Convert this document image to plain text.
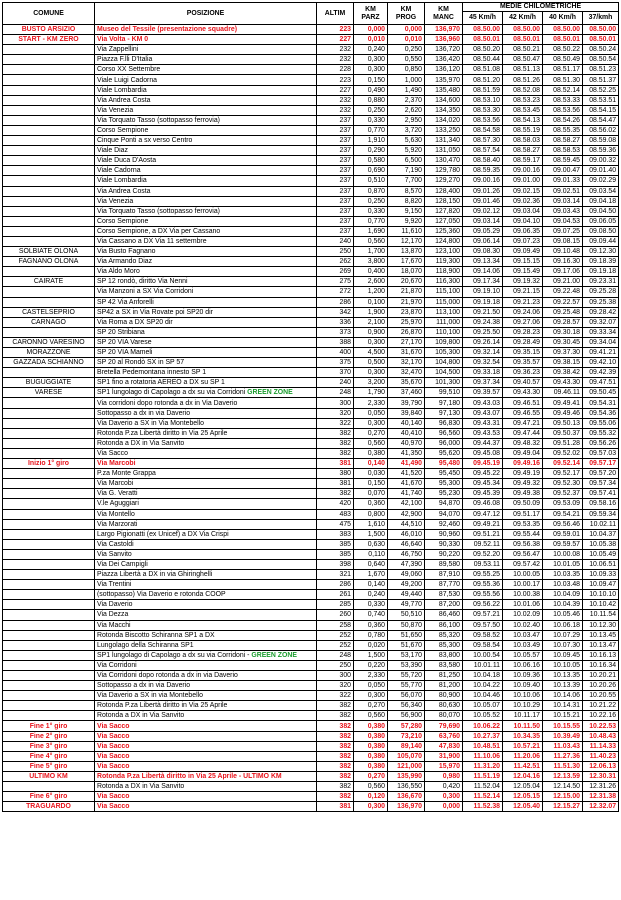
COMUNE	POSIZIONE	ALTIM	KM PARZ	KM PROG	KM MANC	MEDIE CHILOMETRICHE			
						45 Km/h	42 Km/h	40 Km/h	37/kmh
BUSTO ARSIZIO	Museo del Tessile (presentazione squadre)	223	0,000	0,000	136,970	08.50.00	08.50.00	08.50.00	08.50.00
START - KM ZERO	Via Volta - KM 0	227	0,010	0,010	136,960	08.50.01	08.50.01	08.50.01	08.50.01
	Via Zappellini	232	0,240	0,250	136,720	08.50.20	08.50.21	08.50.22	08.50.24
	Piazza F.lli D'Italia	232	0,300	0,550	136,420	08.50.44	08.50.47	08.50.49	08.50.54
	Corso XX Settembre	228	0,300	0,850	136,120	08.51.08	08.51.13	08.51.17	08.51.23
	Viale Luigi Cadorna	223	0,150	1,000	135,970	08.51.20	08.51.26	08.51.30	08.51.37
	Viale Lombardia	227	0,490	1,490	135,480	08.51.59	08.52.08	08.52.14	08.52.25
	Via Andrea Costa	232	0,880	2,370	134,600	08.53.10	08.53.23	08.53.33	08.53.51
	Via Venezia	232	0,250	2,620	134,350	08.53.30	08.53.45	08.53.56	08.54.15
	Via Torquato Tasso (sottopasso ferrovia)	237	0,330	2,950	134,020	08.53.56	08.54.13	08.54.26	08.54.47
	Corso Sempione	237	0,770	3,720	133,250	08.54.58	08.55.19	08.55.35	08.56.02
	Cinque Ponti a sx verso Centro	237	1,910	5,630	131,340	08.57.30	08.58.03	08.58.27	08.59.08
	Viale Diaz	237	0,290	5,920	131,050	08.57.54	08.58.27	08.58.53	08.59.36
	Viale Duca D'Aosta	237	0,580	6,500	130,470	08.58.40	08.59.17	08.59.45	09.00.32
	Viale Cadorna	237	0,690	7,190	129,780	08.59.35	09.00.16	09.00.47	09.01.40
	Viale Lombardia	237	0,510	7,700	129,270	09.00.16	09.01.00	09.01.33	09.02.29
	Via Andrea Costa	237	0,870	8,570	128,400	09.01.26	09.02.15	09.02.51	09.03.54
	Via Venezia	237	0,250	8,820	128,150	09.01.46	09.02.36	09.03.14	09.04.18
	Via Torquato Tasso (sottopasso ferrovia)	237	0,330	9,150	127,820	09.02.12	09.03.04	09.03.43	09.04.50
	Corso Sempione	237	0,770	9,920	127,050	09.03.14	09.04.10	09.04.53	09.06.05
	Corso Sempione, a DX Via per Cassano	237	1,690	11,610	125,360	09.05.29	09.06.35	09.07.25	09.08.50
	Via Cassano a DX Via 11 settembre	240	0,560	12,170	124,800	09.06.14	09.07.23	09.08.15	09.09.44
SOLBIATE OLONA	Via Busto Fagnano	250	1,700	13,870	123,100	09.08.30	09.09.49	09.10.48	09.12.30
FAGNANO OLONA	Via Armando Diaz	262	3,800	17,670	119,300	09.13.34	09.15.15	09.16.30	09.18.39
	Via Aldo Moro	269	0,400	18,070	118,900	09.14.06	09.15.49	09.17.06	09.19.18
CAIRATE	SP 12 rondò, diritto Via Nenni	275	2,600	20,670	116,300	09.17.34	09.19.32	09.21.00	09.23.31
	Via Manzoni a SX Via Corridoni	272	1,200	21,870	115,100	09.19.10	09.21.15	09.22.48	09.25.28
	SP 42 Via Anforelli	286	0,100	21,970	115,000	09.19.18	09.21.23	09.22.57	09.25.38
CASTELSEPRIO	SP42 a SX in Via Rovate poi SP20 dir	342	1,900	23,870	113,100	09.21.50	09.24.06	09.25.48	09.28.42
CARNAGO	Via Roma a DX SP20 dir	336	2,100	25,970	111,000	09.24.38	09.27.06	09.28.57	09.32.07
	SP 20 Stribiana	373	0,900	26,870	110,100	09.25.50	09.28.23	09.30.18	09.33.34
CARONNO VARESINO	SP 20 VIA Varese	388	0,300	27,170	109,800	09.26.14	09.28.49	09.30.45	09.34.04
MORAZZONE	SP 20 VIA Mameli	400	4,500	31,670	105,300	09.32.14	09.35.15	09.37.30	09.41.21
GAZZADA SCHIANNO	SP 20 al Rondò SX in SP 57	375	0,500	32,170	104,800	09.32.54	09.35.57	09.38.15	09.42.10
	Bretella Pedemontana innesto SP 1	370	0,300	32,470	104,500	09.33.18	09.36.23	09.38.42	09.42.39
BUGUGGIATE	SP1 fino a rotatoria AEREO a DX su SP 1	240	3,200	35,670	101,300	09.37.34	09.40.57	09.43.30	09.47.51
VARESE	SP1 lungolago di Capolago a dx su via Corridoni GREEN ZONE	248	1,790	37,460	99,510	09.39.57	09.43.30	09.46.11	09.50.45
	Via corridoni dopo rotonda a dx in Via Daverio	300	2,330	39,790	97,180	09.43.03	09.46.51	09.49.41	09.54.31
	Sottopasso a dx in via Daverio	320	0,050	39,840	97,130	09.43.07	09.46.55	09.49.46	09.54.36
	Via Daverio a SX in Via Montebello	322	0,300	40,140	96,830	09.43.31	09.47.21	09.50.13	09.55.06
	Rotonda P.za Libertà diritto in Via 25 Aprile	382	0,270	40,410	96,560	09.43.53	09.47.44	09.50.37	09.55.32
	Rotonda a DX in Via Sanvito	382	0,560	40,970	96,000	09.44.37	09.48.32	09.51.28	09.56.26
	Via Sacco	382	0,380	41,350	95,620	09.45.08	09.49.04	09.52.02	09.57.03
Inizio 1° giro	Via Marcobi	381	0,140	41,490	95,480	09.45.19	09.49.16	09.52.14	09.57.17
	P.za Monte Grappa	380	0,030	41,520	95,450	09.45.22	09.49.19	09.52.17	09.57.20
	Via Marcobi	381	0,150	41,670	95,300	09.45.34	09.49.32	09.52.30	09.57.34
	Via G. Veratti	382	0,070	41,740	95,230	09.45.39	09.49.38	09.52.37	09.57.41
	V.le Aguggiari	420	0,360	42,100	94,870	09.46.08	09.50.09	09.53.09	09.58.16
	Via Montello	483	0,800	42,900	94,070	09.47.12	09.51.17	09.54.21	09.59.34
	Via Marzorati	475	1,610	44,510	92,460	09.49.21	09.53.35	09.56.46	10.02.11
	Largo Pigionatti (ex Unicef) a DX Via Crispi	383	1,500	46,010	90,960	09.51.21	09.55.44	09.59.01	10.04.37
	Via Castoldi	385	0,630	46,640	90,330	09.52.11	09.56.38	09.59.57	10.05.38
	Via Sanvito	385	0,110	46,750	90,220	09.52.20	09.56.47	10.00.08	10.05.49
	Via Dei Campigli	398	0,640	47,390	89,580	09.53.11	09.57.42	10.01.05	10.06.51
	Piazza Libertà a DX in via Ghiringhelli	321	1,670	49,060	87,910	09.55.25	10.00.05	10.03.35	10.09.33
	Via Trentini	286	0,140	49,200	87,770	09.55.36	10.00.17	10.03.48	10.09.47
	(sottopasso) Via Daverio e rotonda COOP	261	0,240	49,440	87,530	09.55.56	10.00.38	10.04.09	10.10.10
	Via Daverio	285	0,330	49,770	87,200	09.56.22	10.01.06	10.04.39	10.10.42
	Via Dezza	260	0,740	50,510	86,460	09.57.21	10.02.09	10.05.46	10.11.54
	Via Macchi	258	0,360	50,870	86,100	09.57.50	10.02.40	10.06.18	10.12.30
	Rotonda Biscotto Schiranna SP1 a DX	252	0,780	51,650	85,320	09.58.52	10.03.47	10.07.29	10.13.45
	Lungolago della Schiranna SP1	252	0,020	51,670	85,300	09.58.54	10.03.49	10.07.30	10.13.47
	SP1 lungolago di Capolago a dx su via Corridoni - GREEN ZONE	248	1,500	53,170	83,800	10.00.54	10.05.57	10.09.45	10.16.13
	Via Corridoni	250	0,220	53,390	83,580	10.01.11	10.06.16	10.10.05	10.16.34
	Via Corridoni dopo rotonda a dx in via Daverio	300	2,330	55,720	81,250	10.04.18	10.09.36	10.13.35	10.20.21
	Sottopasso a dx in via Daverio	320	0,050	55,770	81,200	10.04.22	10.09.40	10.13.39	10.20.26
	Via Daverio a SX in via Montebello	322	0,300	56,070	80,900	10.04.46	10.10.06	10.14.06	10.20.55
	Rotonda P.za Libertà diritto in Via 25 Aprile	382	0,270	56,340	80,630	10.05.07	10.10.29	10.14.31	10.21.22
	Rotonda a DX in Via Sanvito	382	0,560	56,900	80,070	10.05.52	10.11.17	10.15.21	10.22.16
Fine 1° giro	Via Sacco	382	0,380	57,280	79,690	10.06.22	10.11.50	10.15.55	10.22.53
Fine 2° giro	Via Sacco	382	0,380	73,210	63,760	10.27.37	10.34.35	10.39.49	10.48.43
Fine 3° giro	Via Sacco	382	0,380	89,140	47,830	10.48.51	10.57.21	11.03.43	11.14.33
Fine 4° giro	Via Sacco	382	0,380	105,070	31,900	11.10.06	11.20.06	11.27.36	11.40.23
Fine 5° giro	Via Sacco	382	0,380	121,000	15,970	11.31.20	11.42.51	11.51.30	12.06.13
ULTIMO KM	Rotonda P.za Libertà diritto in Via 25 Aprile - ULTIMO KM	382	0,270	135,990	0,980	11.51.19	12.04.16	12.13.59	12.30.31
	Rotonda a DX in Via Sanvito	382	0,560	136,550	0,420	11.52.04	12.05.04	12.14.50	12.31.26
Fine 6° giro	Via Sacco	382	0,120	136,670	0,300	11.52.14	12.05.15	12.15.00	12.31.38
TRAGUARDO	Via Sacco	381	0,300	136,970	0,000	11.52.38	12.05.40	12.15.27	12.32.07
